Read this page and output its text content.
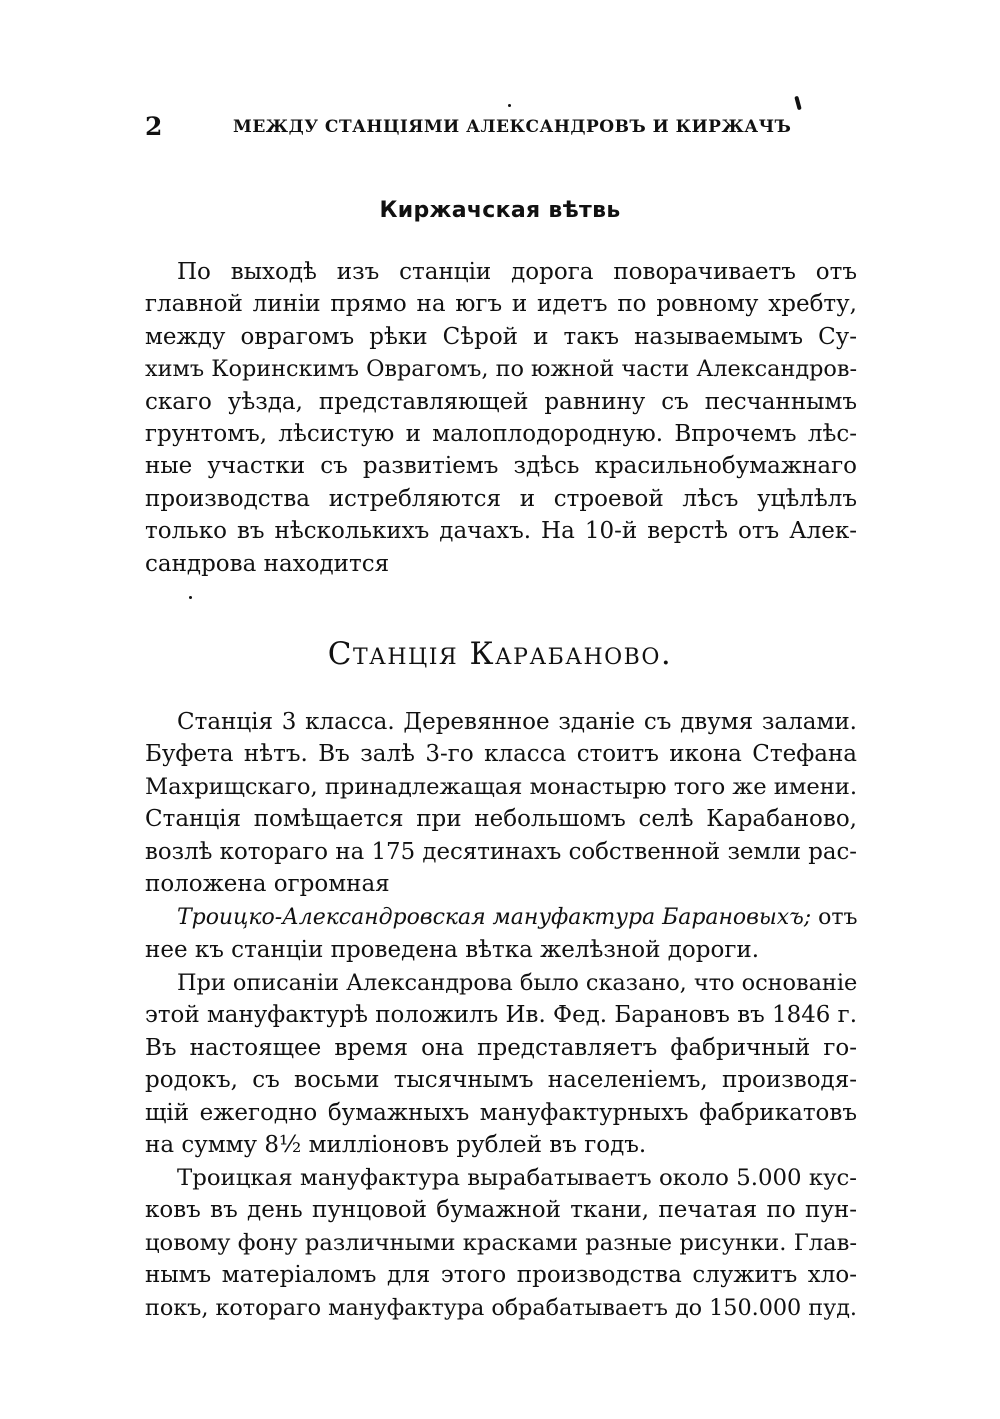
2	МЕЖДУ СТАНЦІЯМИ АЛЕКСАНДРОВЪ И КИРЖАЧЪ
Киржачская вѣтвь
По выходѣ изъ станціи дорога поворачиваетъ отъ
главной линіи прямо на югъ и идетъ по ровному хребту,
между оврагомъ рѣки Сѣрой и такъ называемымъ Су-
химъ Коринскимъ Оврагомъ, по южной части Александров-
скаго уѣзда, представляющей равнину съ песчаннымъ
грунтомъ, лѣсистую и малоплодородную. Впрочемъ лѣс-
ные участки съ развитіемъ здѣсь красильнобумажнаго
производства истребляются и строевой лѣсъ уцѣлѣлъ
только въ нѣсколькихъ дачахъ. На 10-й верстѣ отъ Алек-
сандрова находится
Станція Карабаново.
Станція 3 класса. Деревянное зданіе съ двумя залами.
Буфета нѣтъ. Въ залѣ 3-го класса стоитъ икона Стефана
Махрищскаго, принадлежащая монастырю того же имени.
Станція помѣщается при небольшомъ селѣ Карабаново,
возлѣ котораго на 175 десятинахъ собственной земли рас-
положена огромная
Троицко-Александровская мануфактура Барановыхъ; отъ
нее къ станціи проведена вѣтка желѣзной дороги.
При описаніи Александрова было сказано, что основаніе
этой мануфактурѣ положилъ Ив. Фед. Барановъ въ 1846 г.
Въ настоящее время она представляетъ фабричный го-
родокъ, съ восьми тысячнымъ населеніемъ, производя-
щій ежегодно бумажныхъ мануфактурныхъ фабрикатовъ
на сумму 8½ милліоновъ рублей въ годъ.
Троицкая мануфактура вырабатываетъ около 5.000 кус-
ковъ въ день пунцовой бумажной ткани, печатая по пун-
цовому фону различными красками разные рисунки. Глав-
нымъ матеріаломъ для этого производства служитъ хло-
покъ, котораго мануфактура обрабатываетъ до 150.000 пуд.
